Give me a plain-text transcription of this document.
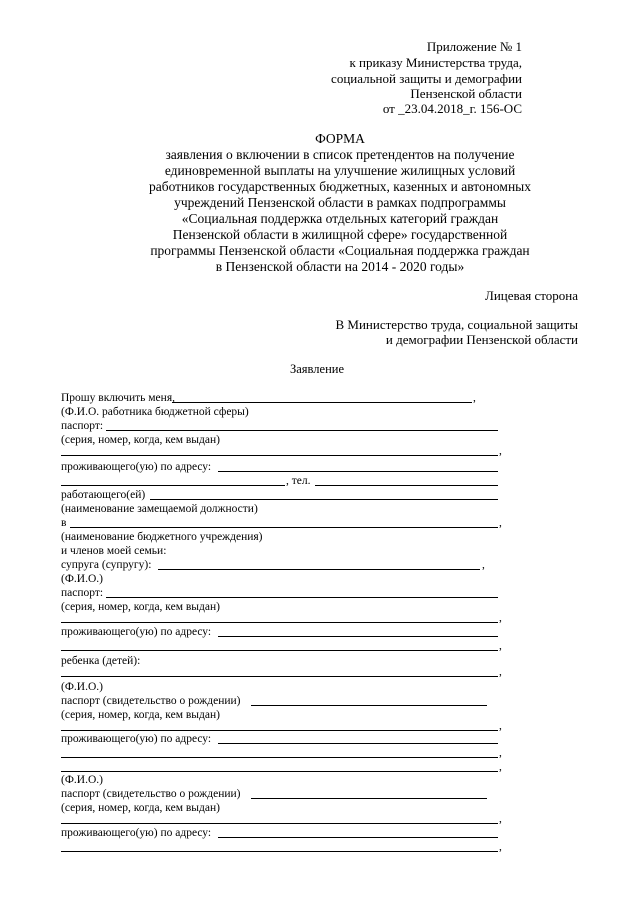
Приложение № 1
к приказу Министерства труда,
социальной защиты и демографии
Пензенской области
от _23.04.2018_г. 156-ОС
ФОРМА
заявления о включении в список претендентов на получение
единовременной выплаты на улучшение жилищных условий
работников государственных бюджетных, казенных и автономных
учреждений Пензенской области в рамках подпрограммы
«Социальная поддержка отдельных категорий граждан
Пензенской области в жилищной сфере» государственной
программы Пензенской области «Социальная поддержка граждан
в Пензенской области на 2014 - 2020 годы»
Лицевая сторона
В Министерство труда, социальной защиты
и демографии Пензенской области
Заявление
Прошу включить меня,	,
(Ф.И.О. работника бюджетной сферы)
паспорт:
(серия, номер, когда, кем выдан)
,
проживающего(ую) по адресу:
, тел.
работающего(ей)
(наименование замещаемой должности)
в	,
(наименование бюджетного учреждения)
и членов моей семьи:
супруга (супругу):	,
(Ф.И.О.)
паспорт:
(серия, номер, когда, кем выдан)
,
проживающего(ую) по адресу:
,
ребенка (детей):
,
(Ф.И.О.)
паспорт (свидетельство о рождении)
(серия, номер, когда, кем выдан)
,
проживающего(ую) по адресу:
,
,
(Ф.И.О.)
паспорт (свидетельство о рождении)
(серия, номер, когда, кем выдан)
,
проживающего(ую) по адресу:
,
